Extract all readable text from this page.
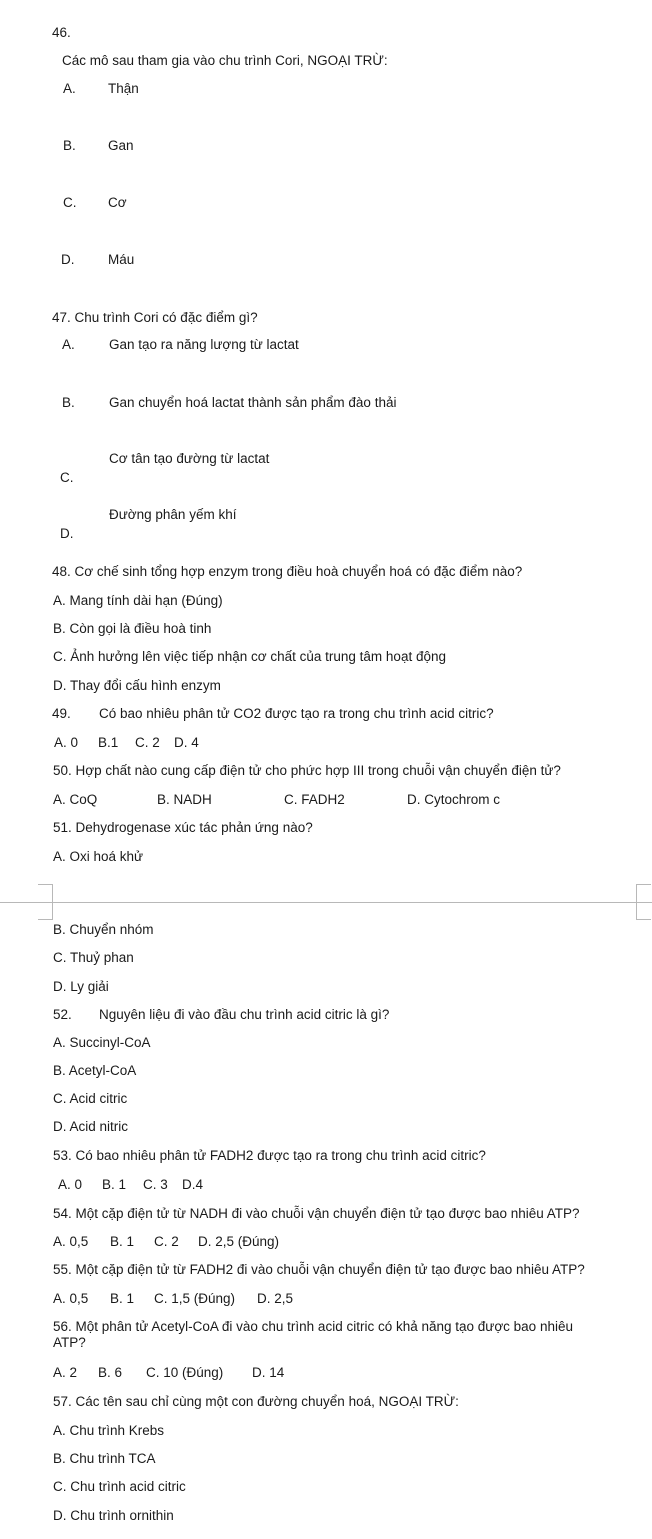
46.
Các mô sau tham gia vào chu trình Cori, NGOẠI TRỪ:
A. Thận
B. Gan
C. Cơ
D. Máu
47. Chu trình Cori có đặc điểm gì?
A.	Gan tạo ra năng lượng từ lactat
B.	Gan chuyển hoá lactat thành sản phẩm đào thải
Cơ tân tạo đường từ lactat
C.
Đường phân yếm khí
D.
48. Cơ chế sinh tổng hợp enzym trong điều hoà chuyển hoá có đặc điểm nào?
A. Mang tính dài hạn (Đúng)
B. Còn gọi là điều hoà tinh
C. Ảnh hưởng lên việc tiếp nhận cơ chất của trung tâm hoạt động
D. Thay đổi cấu hình enzym
49. Có bao nhiêu phân tử CO2 được tạo ra trong chu trình acid citric?
A. 0 B.1 C. 2 D. 4
50. Hợp chất nào cung cấp điện tử cho phức hợp III trong chuỗi vận chuyển điện tử?
A. CoQ	B. NADH	C. FADH2	D. Cytochrom c
51. Dehydrogenase xúc tác phản ứng nào?
A. Oxi hoá khử
B. Chuyển nhóm
C. Thuỷ phan
D. Ly giải
52. Nguyên liệu đi vào đầu chu trình acid citric là gì?
A. Succinyl-CoA
B. Acetyl-CoA
C. Acid citric
D. Acid nitric
53. Có bao nhiêu phân tử FADH2 được tạo ra trong chu trình acid citric?
A. 0 B. 1 C. 3 D.4
54. Một cặp điện tử từ NADH đi vào chuỗi vận chuyển điện tử tạo được bao nhiêu ATP?
A. 0,5 B. 1 C. 2 D. 2,5 (Đúng)
55. Một cặp điện tử từ FADH2 đi vào chuỗi vận chuyển điện tử tạo được bao nhiêu ATP?
A. 0,5 B. 1 C. 1,5 (Đúng) D. 2,5
56. Một phân tử Acetyl-CoA đi vào chu trình acid citric có khả năng tạo được bao nhiêu
ATP?
A. 2 B. 6 C. 10 (Đúng) D. 14
57. Các tên sau chỉ cùng một con đường chuyển hoá, NGOẠI TRỪ:
A. Chu trình Krebs
B. Chu trình TCA
C. Chu trình acid citric
D. Chu trình ornithin
